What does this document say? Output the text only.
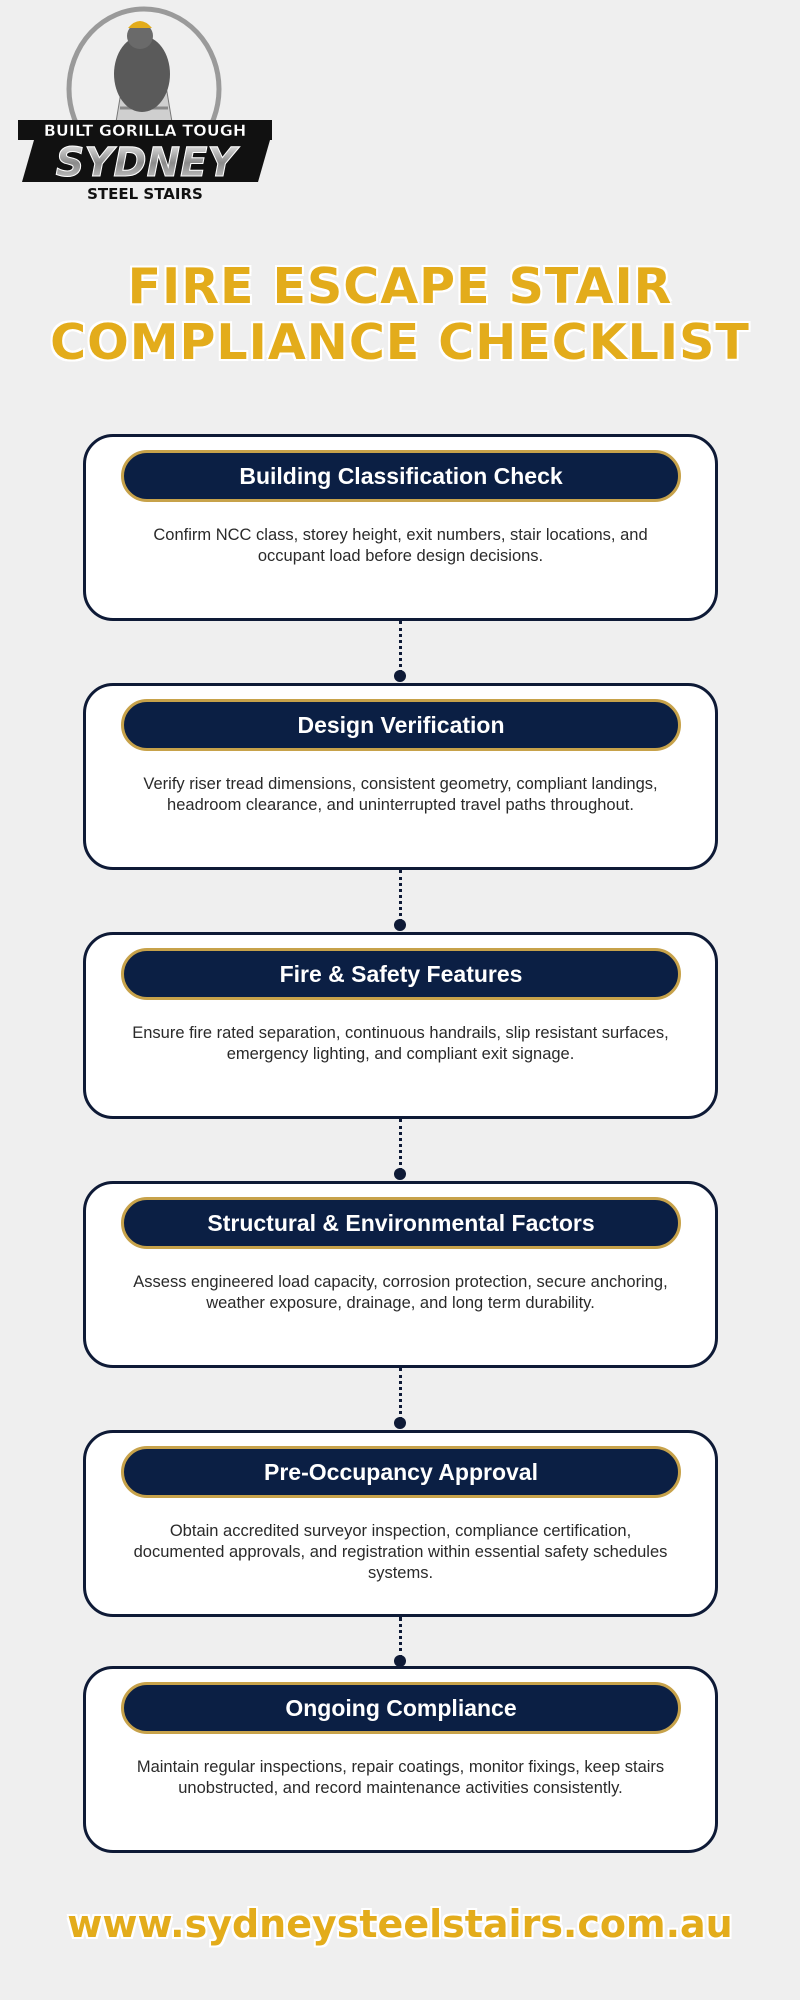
BUILT GORILLA TOUGH
SYDNEY
STEEL STAIRS
FIRE ESCAPE STAIR
COMPLIANCE CHECKLIST
Building Classification Check
Confirm NCC class, storey height, exit numbers, stair locations, and occupant load before design decisions.
Design Verification
Verify riser tread dimensions, consistent geometry, compliant landings, headroom clearance, and uninterrupted travel paths throughout.
Fire & Safety Features
Ensure fire rated separation, continuous handrails, slip resistant surfaces, emergency lighting, and compliant exit signage.
Structural & Environmental Factors
Assess engineered load capacity, corrosion protection, secure anchoring, weather exposure, drainage, and long term durability.
Pre-Occupancy Approval
Obtain accredited surveyor inspection, compliance certification, documented approvals, and registration within essential safety schedules systems.
Ongoing Compliance
Maintain regular inspections, repair coatings, monitor fixings, keep stairs unobstructed, and record maintenance activities consistently.
www.sydneysteelstairs.com.au
